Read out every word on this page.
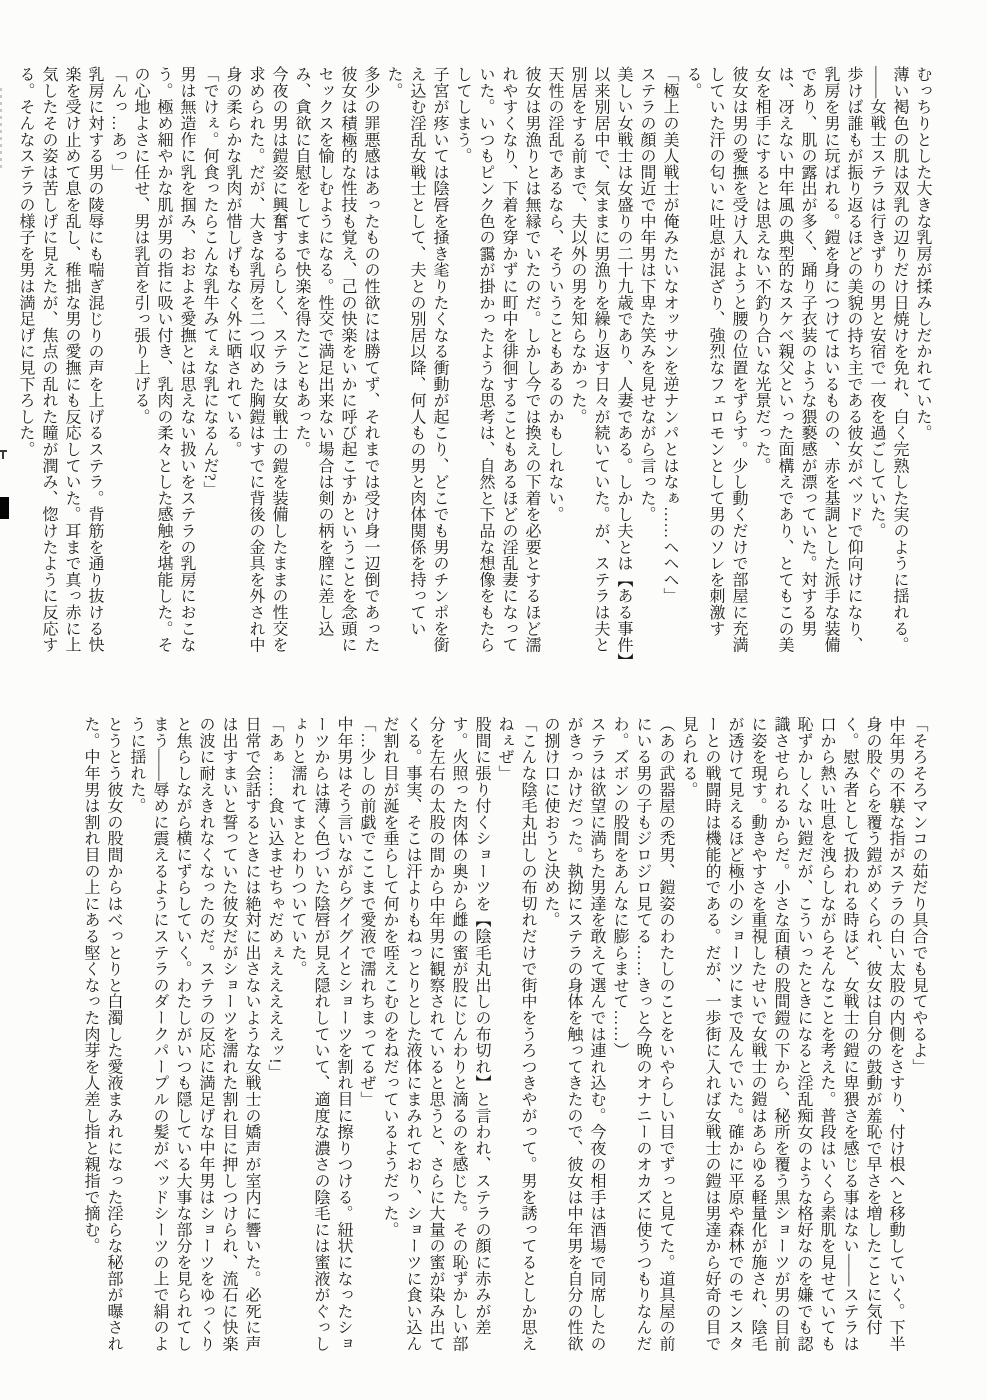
むっちりとした大きな乳房が揉みしだかれていた。

薄い褐色の肌は双乳の辺りだけ日焼けを免れ、白く完熟した実のように揺れる。

――女戦士ステラは行きずりの男と安宿で一夜を過ごしていた。

歩けば誰もが振り返るほどの美貌の持ち主である彼女がベッドで仰向けになり、乳房を男に玩ばれる。鎧を身につけてはいるものの、赤を基調とした派手な装備であり、肌の露出が多く、踊り子衣装のような猥褻感が漂っていた。対する男は、冴えない中年風の典型的なスケベ親父といった面構えであり、とてもこの美女を相手にするとは思えない不釣り合いな光景だった。

彼女は男の愛撫を受け入れようと腰の位置をずらす。少し動くだけで部屋に充満していた汗の匂いに吐息が混ざり、強烈なフェロモンとして男のソレを刺激する。

「極上の美人戦士が俺みたいなオッサンを逆ナンパとはなぁ……ヘヘヘ」

ステラの顔の間近で中年男は下卑た笑みを見せながら言った。

美しい女戦士は女盛りの二十九歳であり、人妻である。しかし夫とは【ある事件】以来別居中で、気ままに男漁りを繰り返す日々が続いていた。が、ステラは夫と別居をする前まで、夫以外の男を知らなかった。

天性の淫乱であるなら、そういうこともあるのかもしれない。

彼女は男漁りとは無縁でいたのだ。しかし今では換えの下着を必要とするほど濡れやすくなり、下着を穿かずに町中を徘徊することもあるほどの淫乱妻になっていた。いつもピンク色の靄が掛かったような思考は、自然と下品な想像をもたらしてしまう。

子宮が疼いては陰唇を掻き毟りたくなる衝動が起こり、どこでも男のチンポを銜え込む淫乱女戦士として、夫との別居以降、何人もの男と肉体関係を持っていた。

多少の罪悪感はあったものの性欲には勝てず、それまでは受け身一辺倒であった彼女は積極的な性技も覚え、己の快楽をいかに呼び起こすかということを念頭にセックスを愉しむようになる。性交で満足出来ない場合は剣の柄を膣に差し込み、貪欲に自慰をしてまで快楽を得たこともあった。

今夜の男は鎧姿に興奮するらしく、ステラは女戦士の鎧を装備したままの性交を求められた。だが、大きな乳房を二つ収めた胸鎧はすでに背後の金具を外され中身の柔らかな乳肉が惜しげもなく外に晒されている。

「でけぇ。何食ったらこんな乳牛みてぇな乳になるんだ?」

男は無造作に乳を掴み、おおよそ愛撫とは思えない扱いをステラの乳房におこなう。極め細やかな肌が男の指に吸い付き、乳肉の柔々とした感触を堪能した。その心地よさに任せ、男は乳首を引っ張り上げる。

「んっ…あっ」

乳房に対する男の陵辱にも喘ぎ混じりの声を上げるステラ。背筋を通り抜ける快楽を受け止めて息を乱し、稚拙な男の愛撫にも反応していた。耳まで真っ赤に上気したその姿は苦しげに見えたが、焦点の乱れた瞳が潤み、惚けたように反応する。そんなステラの様子を男は満足げに見下ろした。

「そろそろマンコの茹だり具合でも見てやるよ」

中年男の不躾な指がステラの白い太股の内側をさすり、付け根へと移動していく。下半身の股ぐらを覆う鎧がめくられ、彼女は自分の鼓動が羞恥で早さを増したことに気付く。慰み者として扱われる時ほど、女戦士の鎧に卑猥さを感じる事はない――ステラは口から熱い吐息を洩らしながらそんなことを考えた。普段はいくら素肌を見せていても恥ずかしくない鎧だが、こういったときになると淫乱痴女のような格好なのを嫌でも認識させられるからだ。小さな面積の股間鎧の下から、秘所を覆う黒ショーツが男の目前に姿を現す。動きやすさを重視したせいで女戦士の鎧はあらゆる軽量化が施され、陰毛が透けて見えるほど極小のショーツにまで及んでいた。確かに平原や森林でのモンスターとの戦闘時は機能的である。だが、一歩街に入れば女戦士の鎧は男達から好奇の目で見られる。

（あの武器屋の禿男、鎧姿のわたしのことをいやらしい目でずっと見てた。道具屋の前にいる男の子もジロジロ見てる……きっと今晩のオナニーのオカズに使うつもりなんだわ。ズボンの股間をあんなに膨らませて……）

ステラは欲望に満ちた男達を敢えて選んでは連れ込む。今夜の相手は酒場で同席したのがきっかけだった。執拗にステラの身体を触ってきたので、彼女は中年男を自分の性欲の捌け口に使おうと決めた。

「こんな陰毛丸出しの布切れだけで街中をうろつきやがって。男を誘ってるとしか思えねぇぜ」

股間に張り付くショーツを【陰毛丸出しの布切れ】と言われ、ステラの顔に赤みが差す。火照った肉体の奥から雌の蜜が股にじんわりと滴るのを感じた。その恥ずかしい部分を左右の太股の間から中年男に観察されていると思うと、さらに大量の蜜が染み出てくる。事実、そこは汗よりもねっとりとした液体にまみれており、ショーツに食い込んだ割れ目が涎を垂らして何かを咥えこむのをねだっているようだった。

「…少しの前戯でここまで愛液で濡れちまってるぜ」

中年男はそう言いながらグイグイとショーツを割れ目に擦りつける。紐状になったショーツからは薄く色づいた陰唇が見え隠れしていて、適度な濃さの陰毛には蜜液がぐっしょりと濡れてまとわりついていた。

「あぁ……食い込ませちゃだめぇえええええッ!」

日常で会話するときには絶対に出さないような女戦士の嬌声が室内に響いた。必死に声は出すまいと誓っていた彼女だがショーツを濡れた割れ目に押しつけられ、流石に快楽の波に耐えきれなくなったのだ。ステラの反応に満足げな中年男はショーツをゆっくりと焦らしながら横にずらしていく。わたしがいつも隠している大事な部分を見られてしまう――辱めに震えるようにステラのダークパープルの髪がベッドシーツの上で絹のように揺れた。

とうとう彼女の股間からはべっとりと白濁した愛液まみれになった淫らな秘部が曝された。中年男は割れ目の上にある堅くなった肉芽を人差し指と親指で摘む。
